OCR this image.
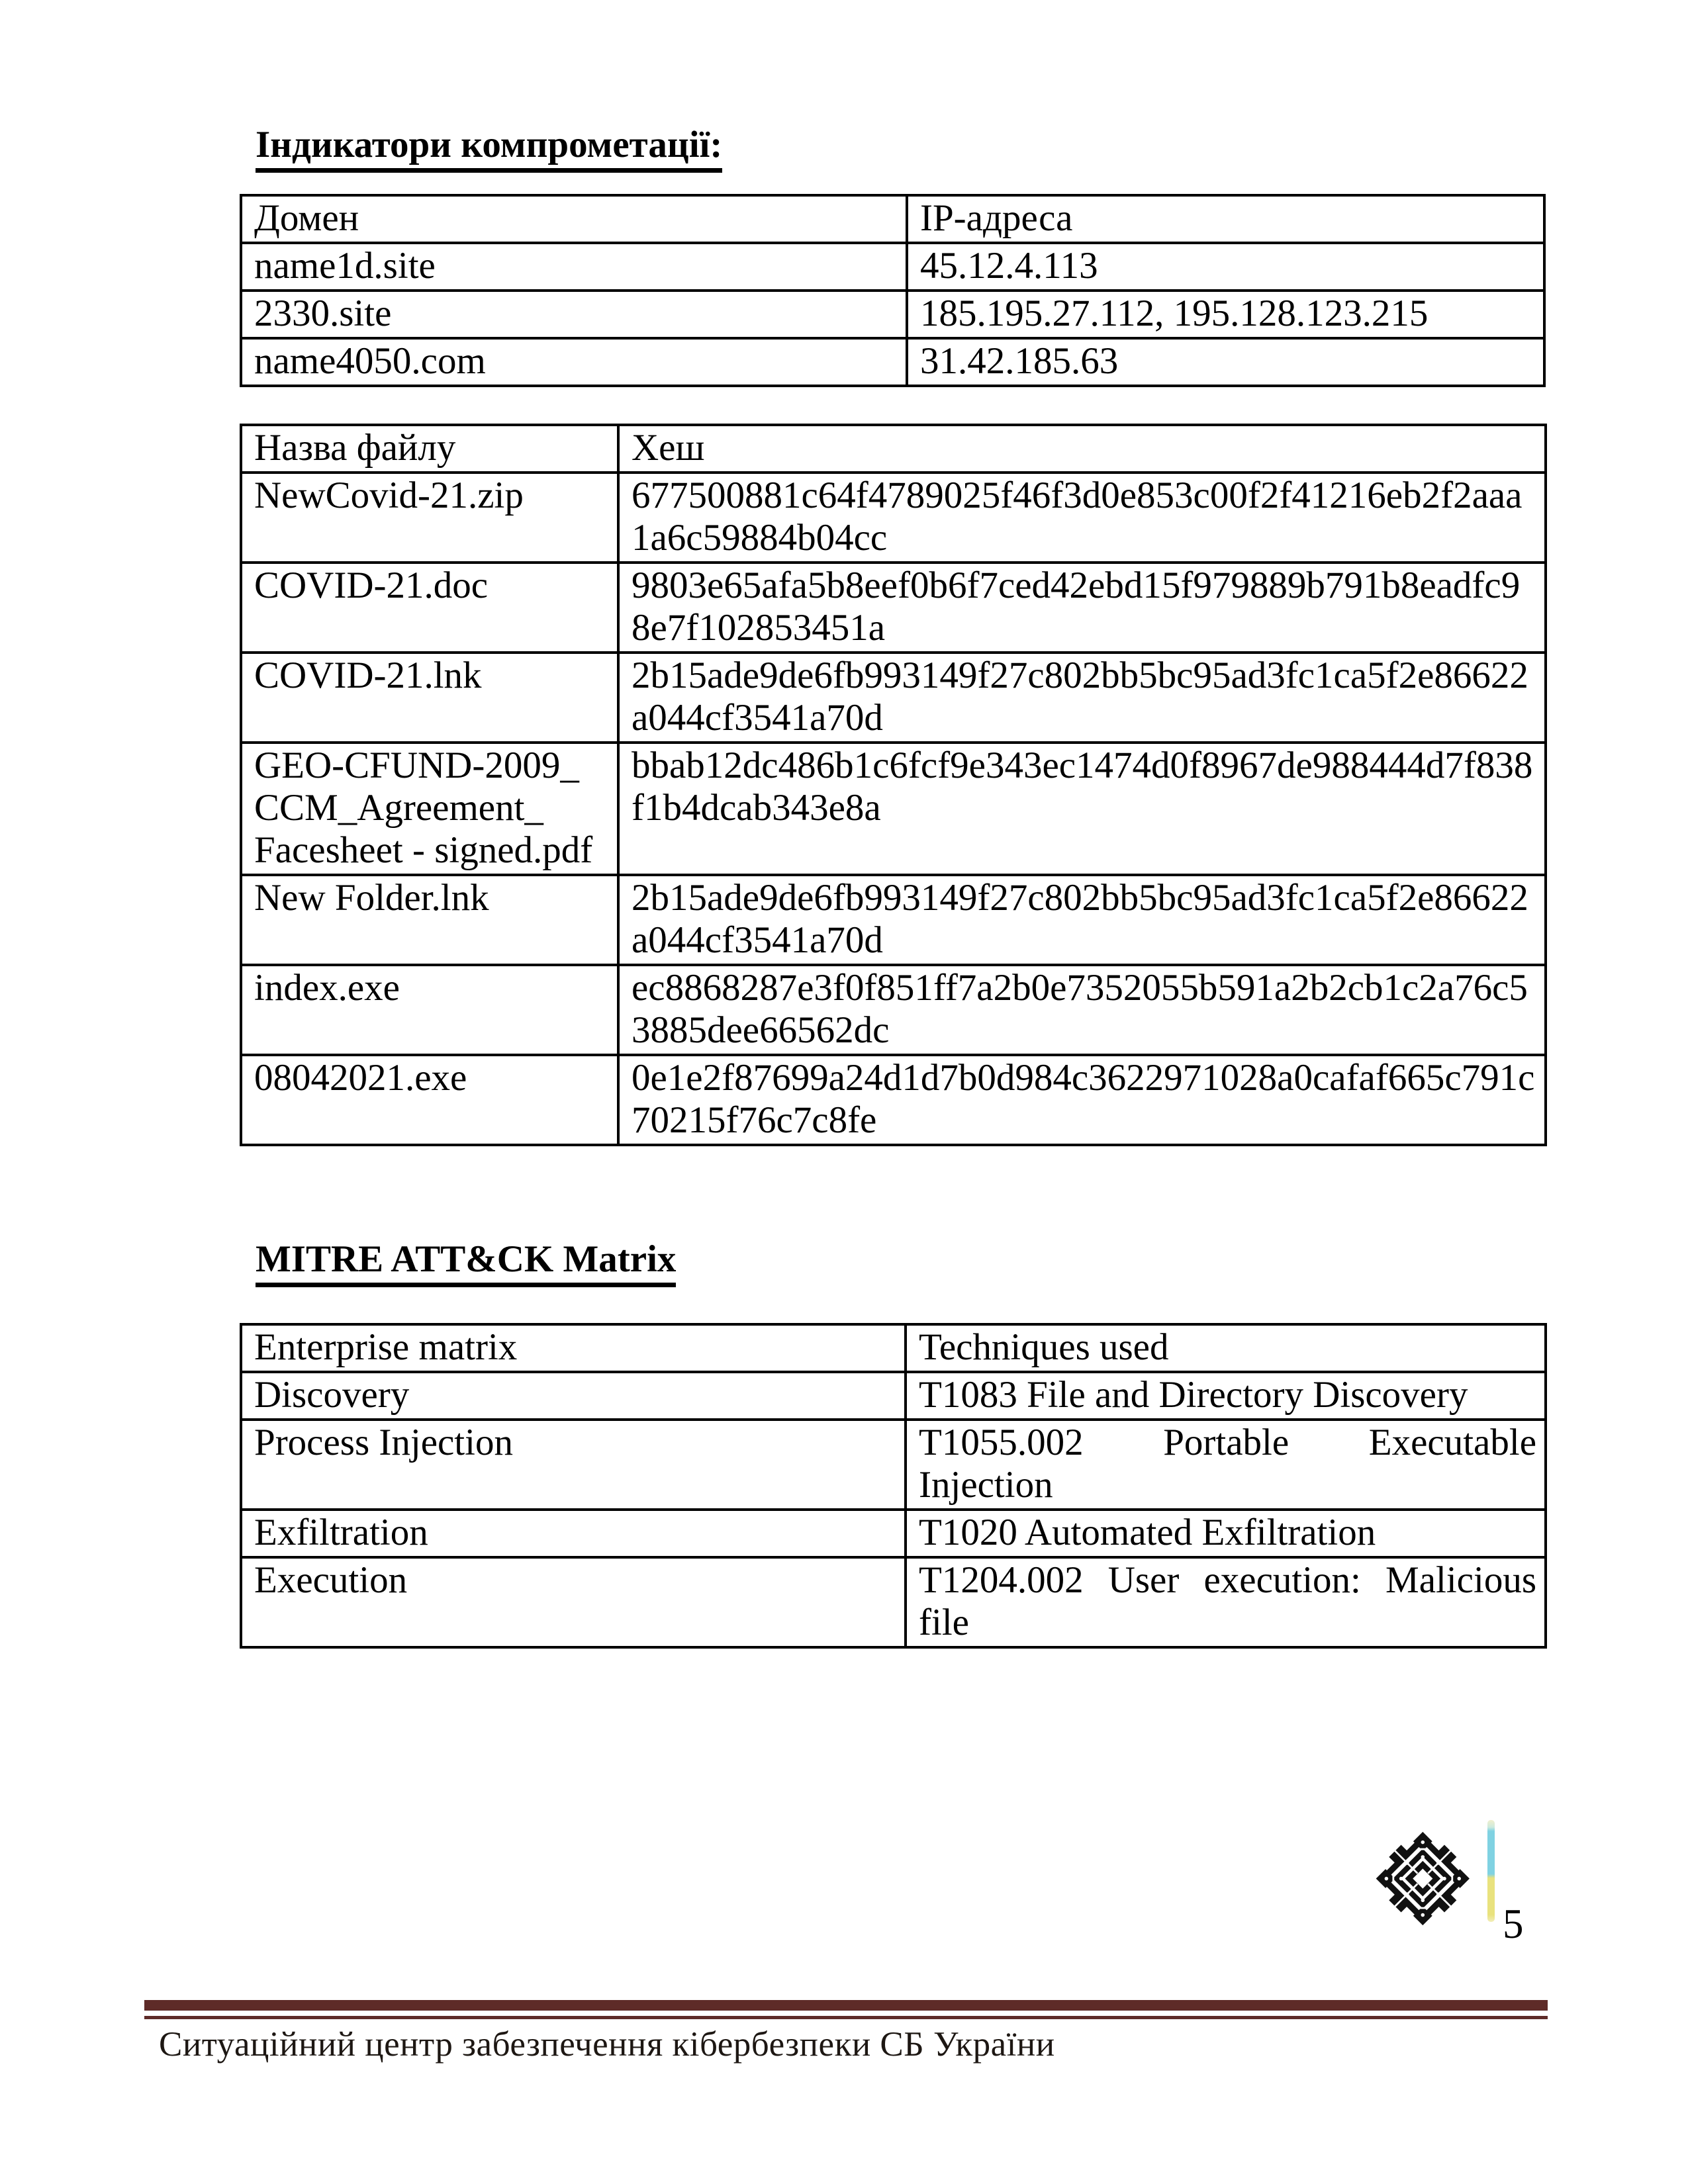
Індикатори компрометації:
Домен	IP-адреса
name1d.site	45.12.4.113
2330.site	185.195.27.112, 195.128.123.215
name4050.com	31.42.185.63
Назва файлу	Хеш
NewCovid-21.zip	677500881c64f4789025f46f3d0e853c00f2f41216eb2f2aaa1a6c59884b04cc
COVID-21.doc	9803e65afa5b8eef0b6f7ced42ebd15f979889b791b8eadfc98e7f102853451a
COVID-21.lnk	2b15ade9de6fb993149f27c802bb5bc95ad3fc1ca5f2e86622a044cf3541a70d
GEO-CFUND-2009_​CCM_​Agreement_​Facesheet - signed.pdf	bbab12dc486b1c6fcf9e343ec1474d0f8967de988444d7f838f1b4dcab343e8a
New Folder.lnk	2b15ade9de6fb993149f27c802bb5bc95ad3fc1ca5f2e86622a044cf3541a70d
index.exe	ec8868287e3f0f851ff7a2b0e7352055b591a2b2cb1c2a76c53885dee66562dc
08042021.exe	0e1e2f87699a24d1d7b0d984c3622971028a0cafaf665c791c70215f76c7c8fe
MITRE ATT&CK Matrix
Enterprise matrix	Techniques used
Discovery	T1083 File and Directory Discovery
Process Injection	T1055.002 Portable Executable Injection
Exfiltration	T1020 Automated Exfiltration
Execution	T1204.002 User execution: Malicious file
5
Ситуаційний центр забезпечення кібербезпеки СБ України
